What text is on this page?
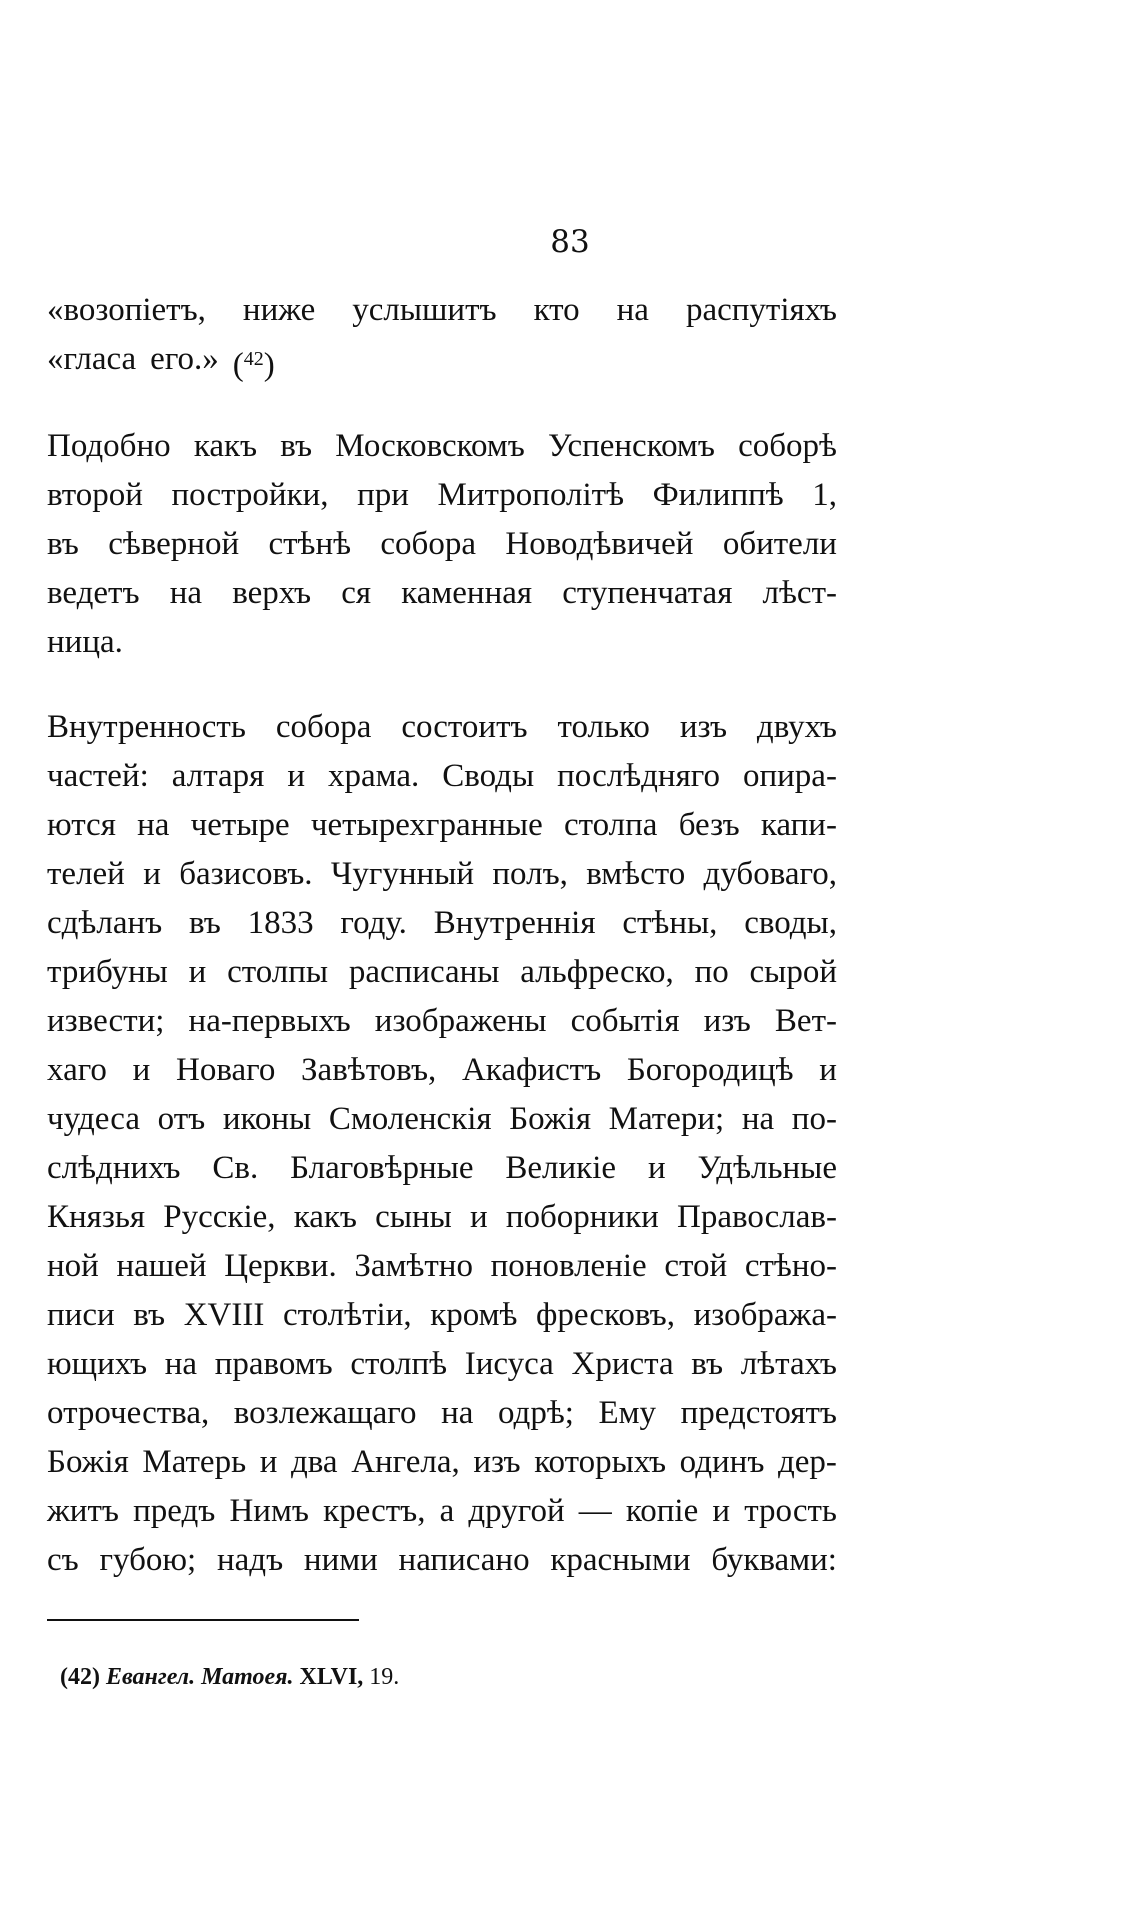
83
«возопіетъ, ниже услышитъ кто на распутіяхъ
«гласа его.» ($^{42}$)
Подобно какъ въ Московскомъ Успенскомъ соборѣ
второй постройки, при Митрополітѣ Филиппѣ 1,
въ сѣверной стѣнѣ собора Новодѣвичей обители
ведетъ на верхъ ся каменная ступенчатая лѣст-
ница.
Внутренность собора состоитъ только изъ двухъ
частей: алтаря и храма. Своды послѣдняго опира-
ются на четыре четырехгранные столпа безъ капи-
телей и базисовъ. Чугунный полъ, вмѣсто дубоваго,
сдѣланъ въ 1833 году. Внутреннія стѣны, своды,
трибуны и столпы расписаны альфреско, по сырой
извести; на-первыхъ изображены событія изъ Вет-
хаго и Новаго Завѣтовъ, Акафистъ Богородицѣ и
чудеса отъ иконы Смоленскія Божія Матери; на по-
слѣднихъ Св. Благовѣрные Великіе и Удѣльные
Князья Русскіе, какъ сыны и поборники Православ-
ной нашей Церкви. Замѣтно поновленіе стой стѣно-
писи въ XVIII столѣтіи, кромѣ фресковъ, изобража-
ющихъ на правомъ столпѣ Іисуса Христа въ лѣтахъ
отрочества, возлежащаго на одрѣ; Ему предстоятъ
Божія Матерь и два Ангела, изъ которыхъ одинъ дер-
житъ предъ Нимъ крестъ, а другой — копіе и трость
съ губою; надъ ними написано красными буквами:
(42) Евангел. Матоея. XLVI, 19.
